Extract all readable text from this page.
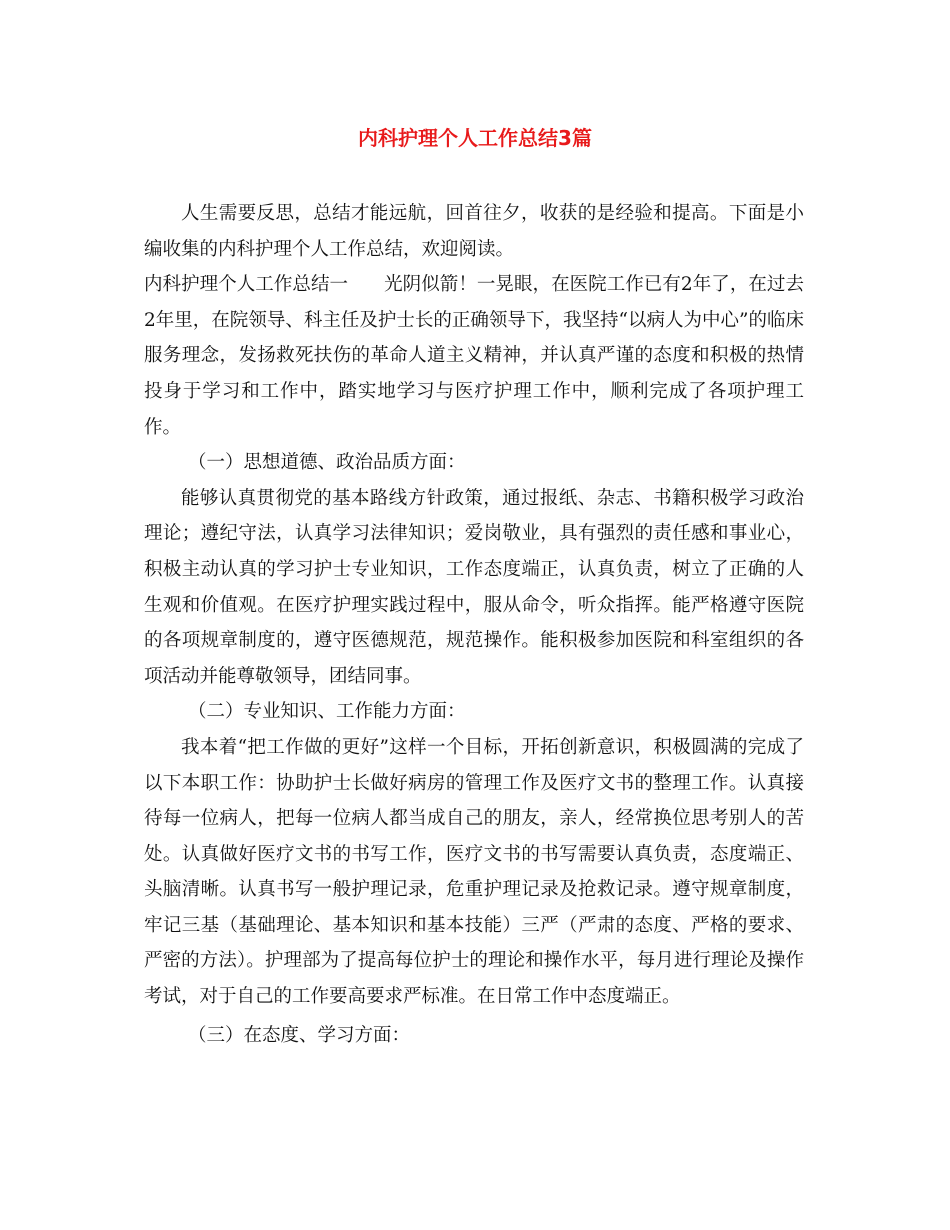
内科护理个人工作总结3篇

人生需要反思，总结才能远航，回首往夕，收获的是经验和提高。下面是小编收集的内科护理个人工作总结，欢迎阅读。

内科护理个人工作总结一 光阴似箭！一晃眼，在医院工作已有2年了，在过去2年里，在院领导、科主任及护士长的正确领导下，我坚持“以病人为中心”的临床服务理念，发扬救死扶伤的革命人道主义精神，并认真严谨的态度和积极的热情投身于学习和工作中，踏实地学习与医疗护理工作中，顺利完成了各项护理工作。

（一）思想道德、政治品质方面：

能够认真贯彻党的基本路线方针政策，通过报纸、杂志、书籍积极学习政治理论；遵纪守法，认真学习法律知识；爱岗敬业，具有强烈的责任感和事业心，积极主动认真的学习护士专业知识，工作态度端正，认真负责，树立了正确的人生观和价值观。在医疗护理实践过程中，服从命令，听众指挥。能严格遵守医院的各项规章制度的，遵守医德规范，规范操作。能积极参加医院和科室组织的各项活动并能尊敬领导，团结同事。

（二）专业知识、工作能力方面：

我本着“把工作做的更好”这样一个目标，开拓创新意识，积极圆满的完成了以下本职工作：协助护士长做好病房的管理工作及医疗文书的整理工作。认真接待每一位病人，把每一位病人都当成自己的朋友，亲人，经常换位思考别人的苦处。认真做好医疗文书的书写工作，医疗文书的书写需要认真负责，态度端正、头脑清晰。认真书写一般护理记录，危重护理记录及抢救记录。遵守规章制度，牢记三基（基础理论、基本知识和基本技能）三严（严肃的态度、严格的要求、严密的方法）。护理部为了提高每位护士的理论和操作水平，每月进行理论及操作考试，对于自己的工作要高要求严标准。在日常工作中态度端正。

（三）在态度、学习方面：
